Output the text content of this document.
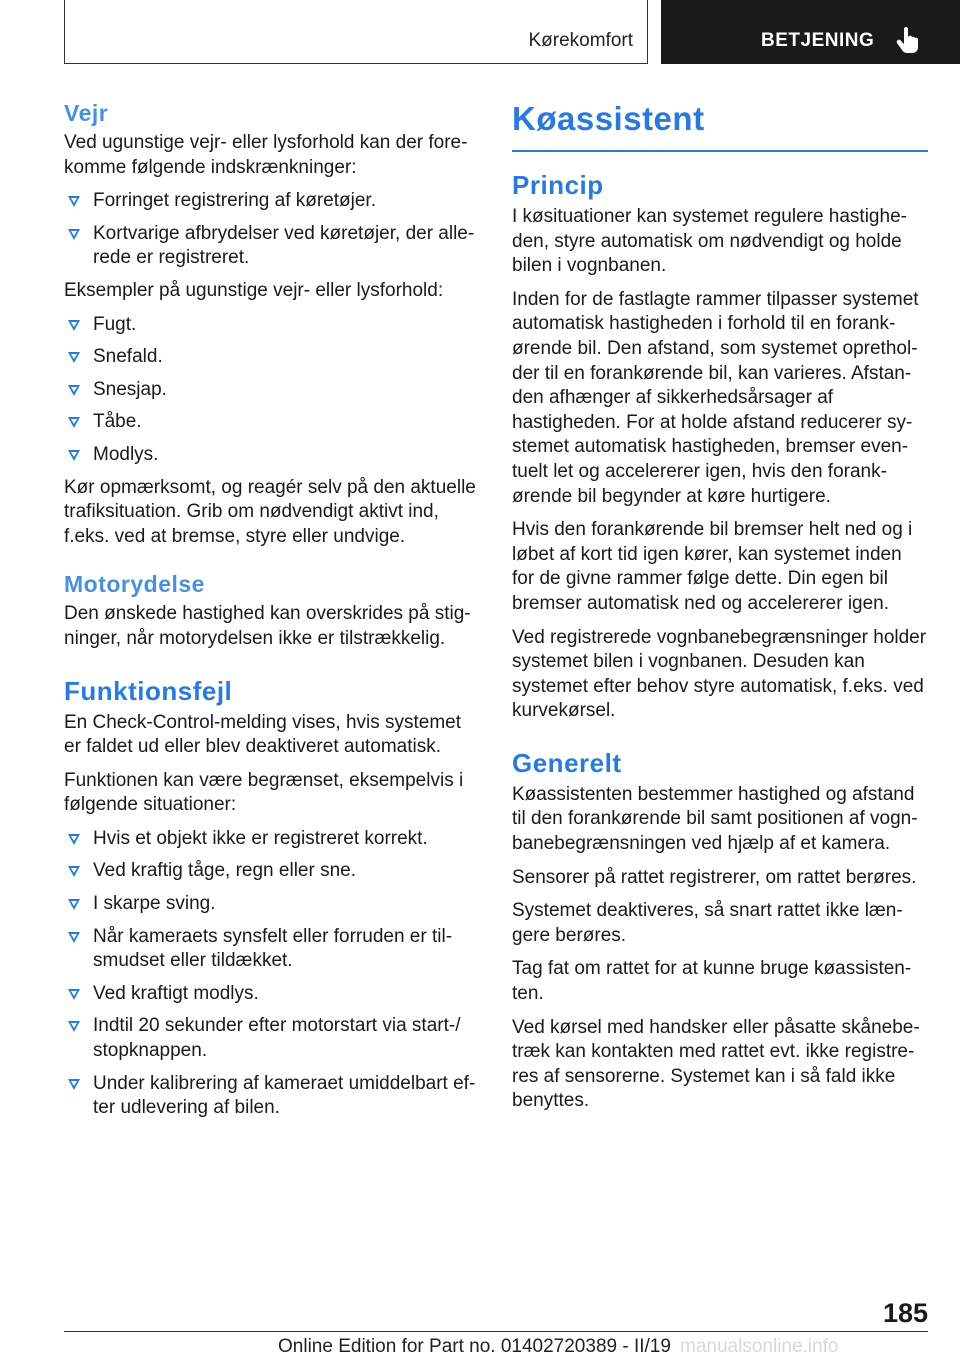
Kørekomfort	BETJENING
Vejr

Ved ugunstige vejr- eller lysforhold kan der forekomme følgende indskrænkninger:

Forringet registrering af køretøjer.
Kortvarige afbrydelser ved køretøjer, der allerede er registreret.

Eksempler på ugunstige vejr- eller lysforhold:

Fugt.
Snefald.
Snesjap.
Tåbe.
Modlys.

Kør opmærksomt, og reagér selv på den aktuelle trafiksituation. Grib om nødvendigt aktivt ind, f.eks. ved at bremse, styre eller undvige.

Motorydelse

Den ønskede hastighed kan overskrides på stigninger, når motorydelsen ikke er tilstrækkelig.

Funktionsfejl

En Check-Control-melding vises, hvis systemet er faldet ud eller blev deaktiveret automatisk.

Funktionen kan være begrænset, eksempelvis i følgende situationer:

Hvis et objekt ikke er registreret korrekt.
Ved kraftig tåge, regn eller sne.
I skarpe sving.
Når kameraets synsfelt eller forruden er tilsmudset eller tildækket.
Ved kraftigt modlys.
Indtil 20 sekunder efter motorstart via start-/ stopknappen.
Under kalibrering af kameraet umiddelbart efter udlevering af bilen.
Køassistent
Princip

I køsituationer kan systemet regulere hastigheden, styre automatisk om nødvendigt og holde bilen i vognbanen.

Inden for de fastlagte rammer tilpasser systemet automatisk hastigheden i forhold til en forankørende bil. Den afstand, som systemet opretholder til en forankørende bil, kan varieres. Afstanden afhænger af sikkerhedsårsager af hastigheden. For at holde afstand reducerer systemet automatisk hastigheden, bremser eventuelt let og accelererer igen, hvis den forankørende bil begynder at køre hurtigere.

Hvis den forankørende bil bremser helt ned og i løbet af kort tid igen kører, kan systemet inden for de givne rammer følge dette. Din egen bil bremser automatisk ned og accelererer igen.

Ved registrerede vognbanebegrænsninger holder systemet bilen i vognbanen. Desuden kan systemet efter behov styre automatisk, f.eks. ved kurvekørsel.

Generelt

Køassistenten bestemmer hastighed og afstand til den forankørende bil samt positionen af vognbanebegrænsningen ved hjælp af et kamera.

Sensorer på rattet registrerer, om rattet berøres.

Systemet deaktiveres, så snart rattet ikke længere berøres.

Tag fat om rattet for at kunne bruge køassistenten.

Ved kørsel med handsker eller påsatte skånebetræk kan kontakten med rattet evt. ikke registreres af sensorerne. Systemet kan i så fald ikke benyttes.

185
Online Edition for Part no. 01402720389 - II/19 manualsonline.info
